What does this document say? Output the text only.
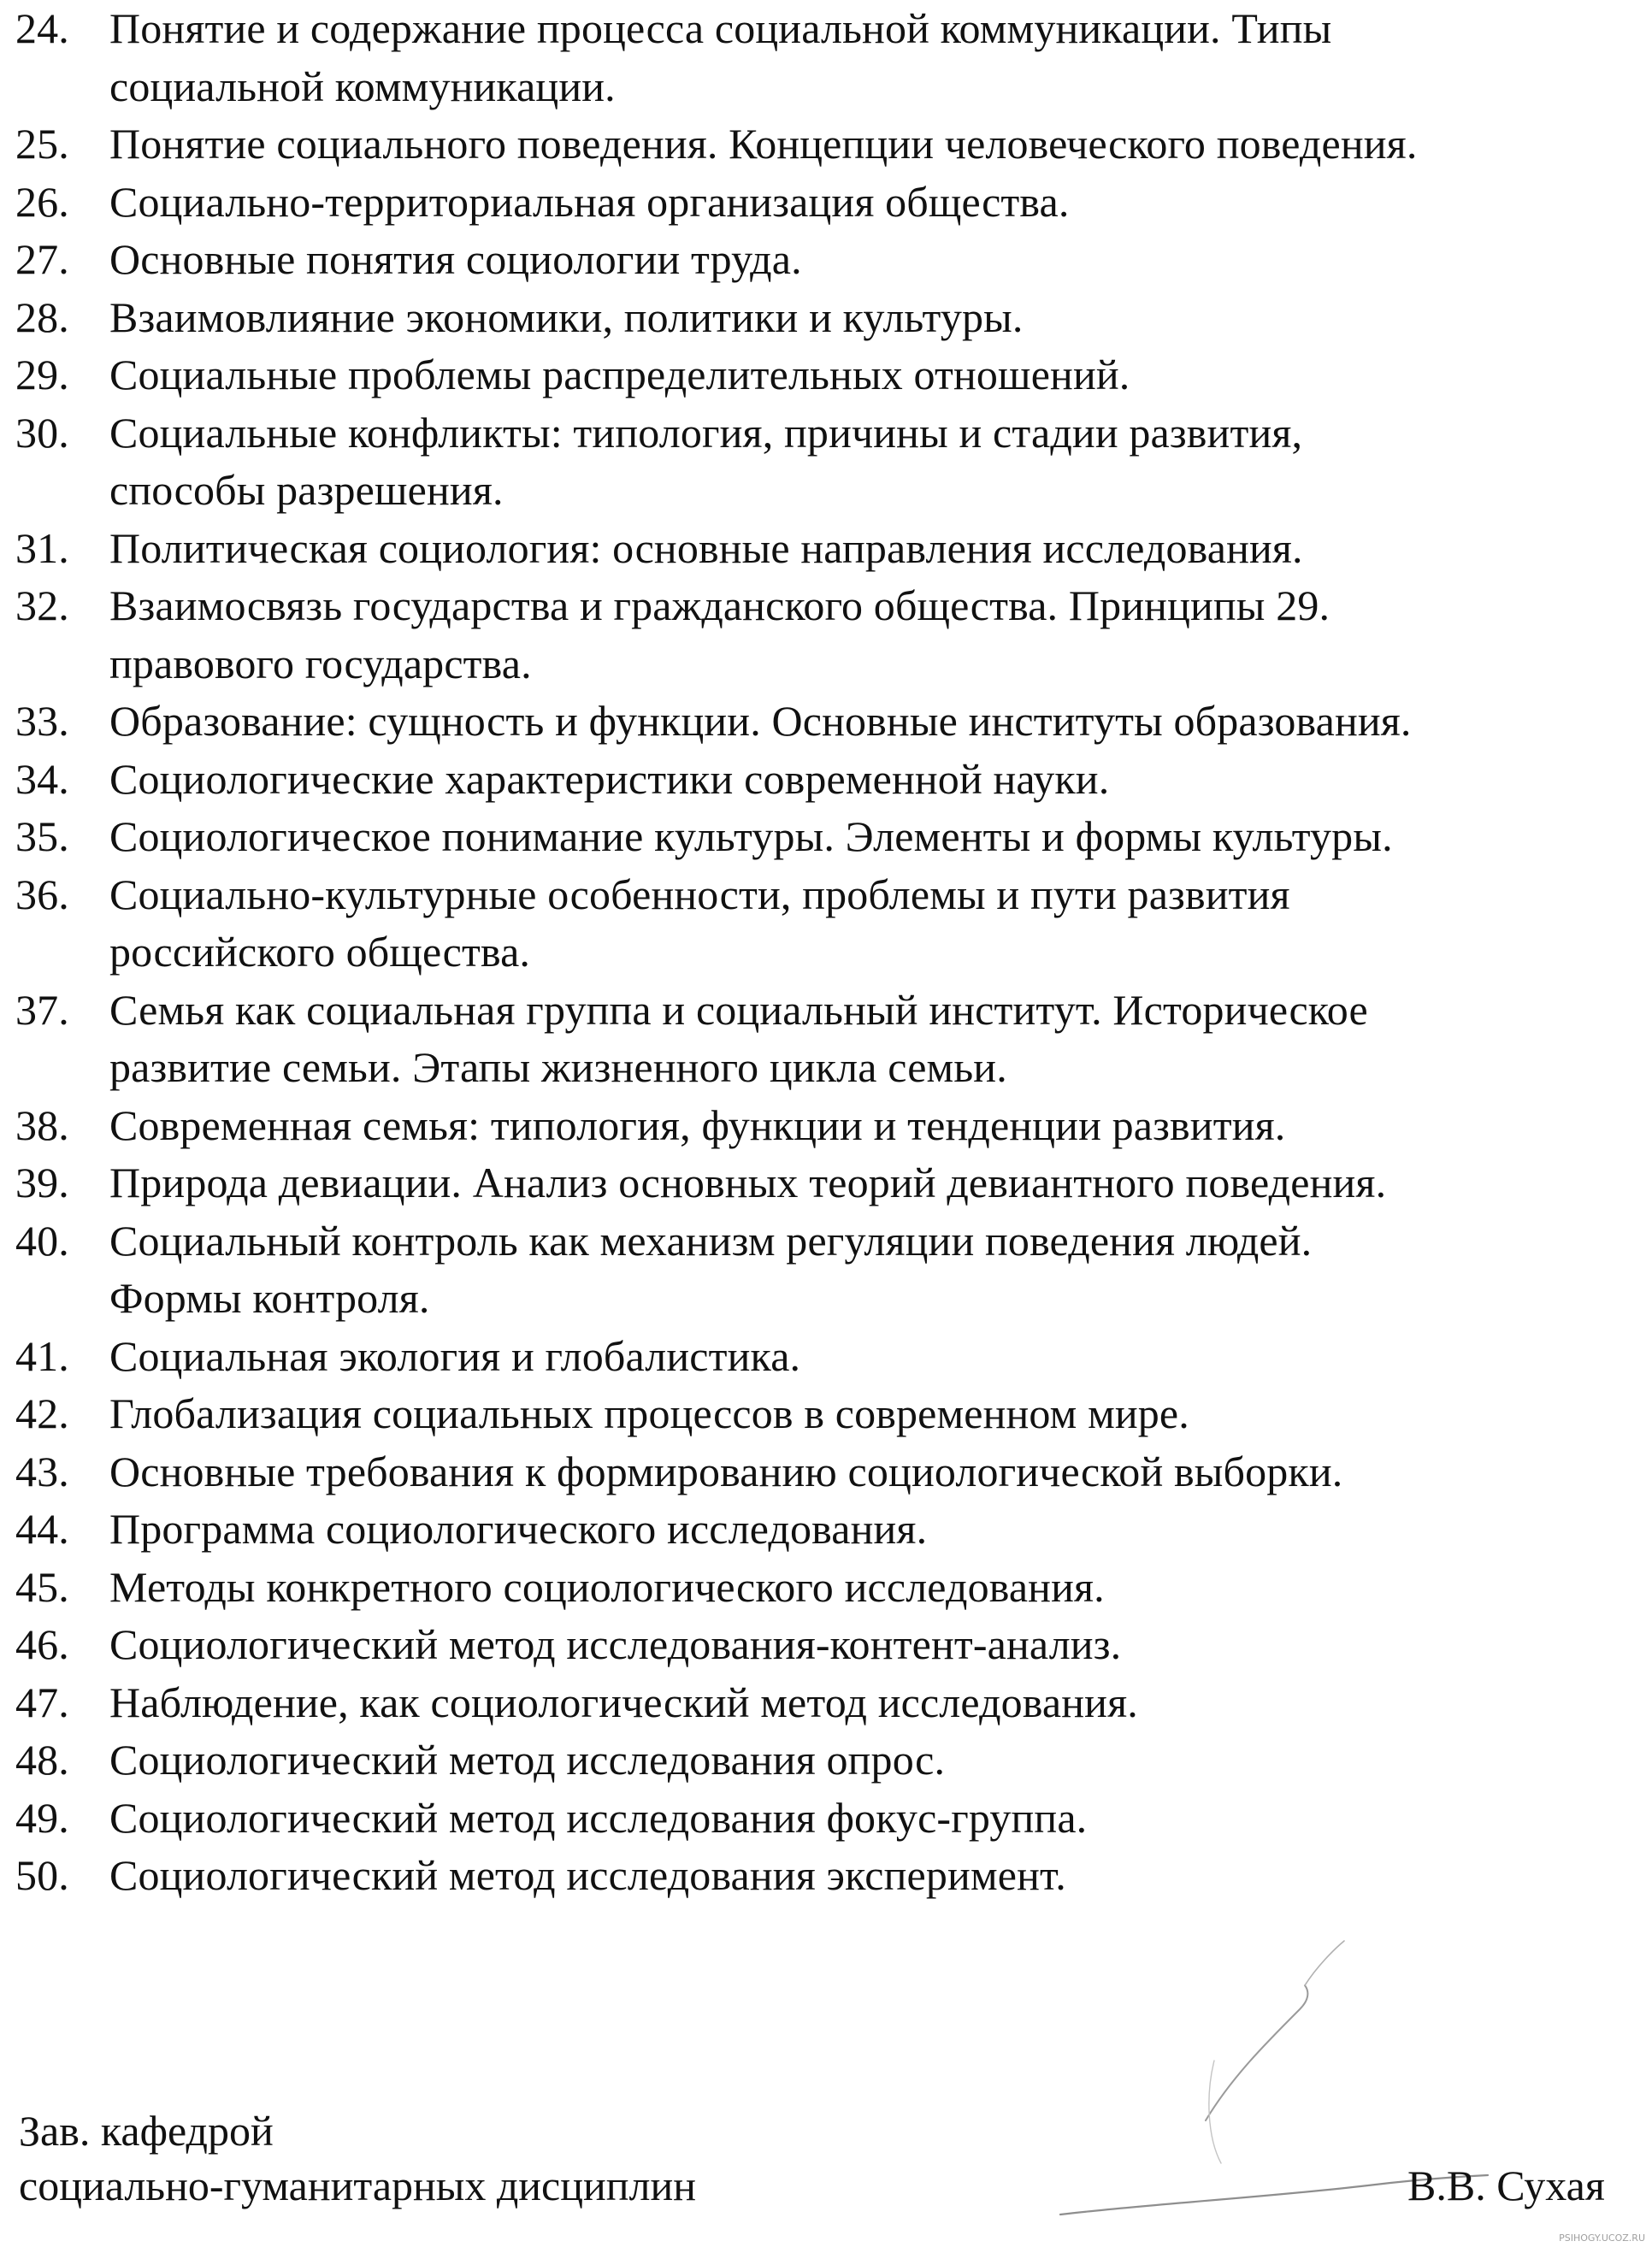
24. Понятие и содержание процесса социальной коммуникации. Типы
социальной коммуникации.
25. Понятие социального поведения. Концепции человеческого поведения.
26. Социально-территориальная организация общества.
27. Основные понятия социологии труда.
28. Взаимовлияние экономики, политики и культуры.
29. Социальные проблемы распределительных отношений.
30. Социальные конфликты: типология, причины и стадии развития,
способы разрешения.
31. Политическая социология: основные направления исследования.
32. Взаимосвязь государства и гражданского общества. Принципы 29.
правового государства.
33. Образование: сущность и функции. Основные институты образования.
34. Социологические характеристики современной науки.
35. Социологическое понимание культуры. Элементы и формы культуры.
36. Социально-культурные особенности, проблемы и пути развития
российского общества.
37. Семья как социальная группа и социальный институт. Историческое
развитие семьи. Этапы жизненного цикла семьи.
38. Современная семья: типология, функции и тенденции развития.
39. Природа девиации. Анализ основных теорий девиантного поведения.
40. Социальный контроль как механизм регуляции поведения людей.
Формы контроля.
41. Социальная экология и глобалистика.
42. Глобализация социальных процессов в современном мире.
43. Основные требования к формированию социологической выборки.
44. Программа социологического исследования.
45. Методы конкретного социологического исследования.
46. Социологический метод исследования-контент-анализ.
47. Наблюдение, как социологический метод исследования.
48. Социологический метод исследования опрос.
49. Социологический метод исследования фокус-группа.
50. Социологический метод исследования эксперимент.
Зав. кафедрой
социально-гуманитарных дисциплин	В.В. Сухая
PSIHOGY.UCOZ.RU
